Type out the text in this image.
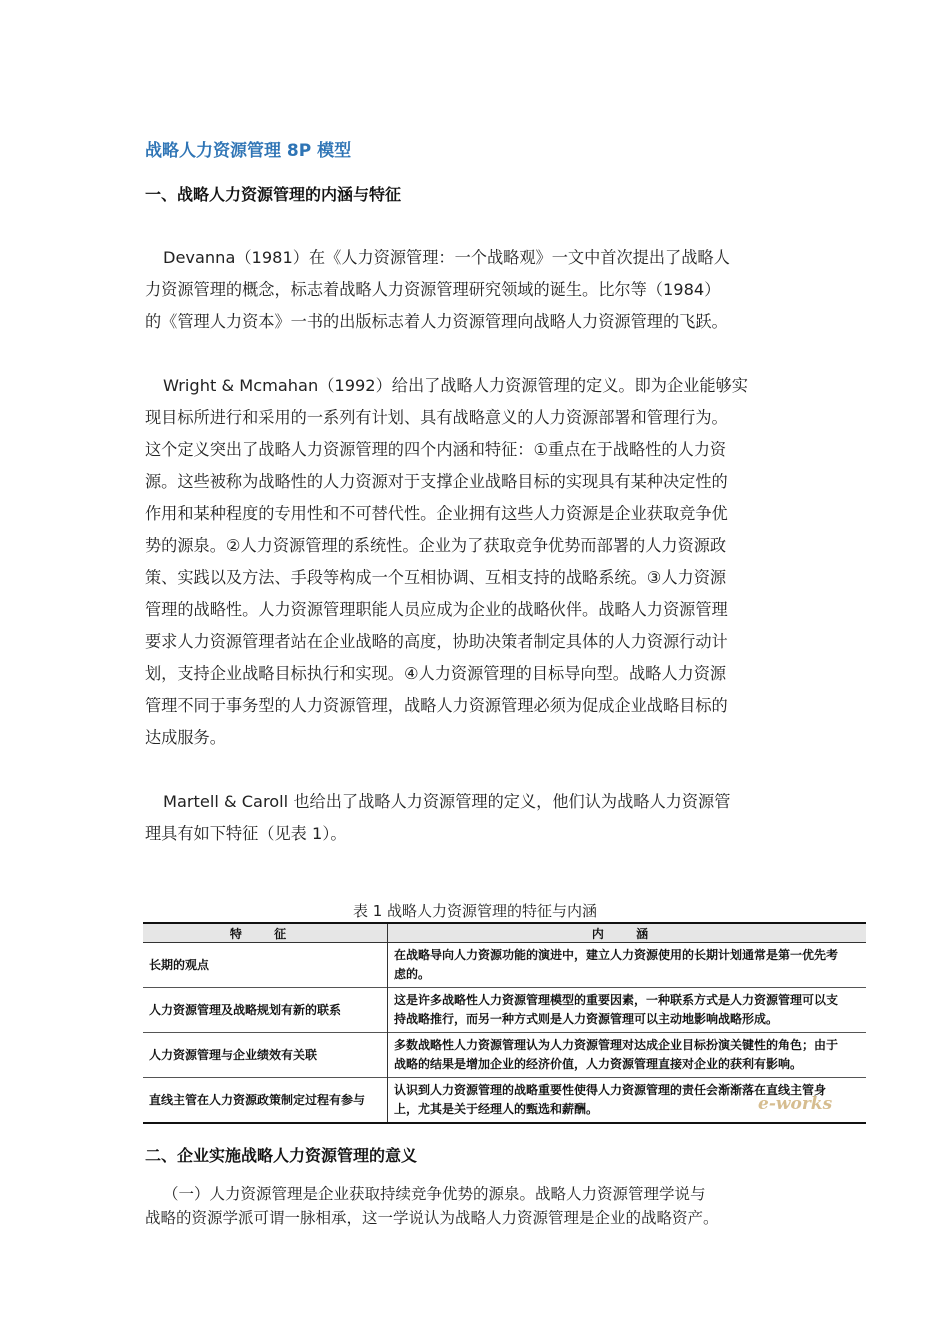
战略人力资源管理 8P 模型
一、战略人力资源管理的内涵与特征
Devanna（1981）在《人力资源管理：一个战略观》一文中首次提出了战略人
力资源管理的概念，标志着战略人力资源管理研究领域的诞生。比尔等（1984）
的《管理人力资本》一书的出版标志着人力资源管理向战略人力资源管理的飞跃。
Wright & Mcmahan（1992）给出了战略人力资源管理的定义。即为企业能够实
现目标所进行和采用的一系列有计划、具有战略意义的人力资源部署和管理行为。
这个定义突出了战略人力资源管理的四个内涵和特征：①重点在于战略性的人力资
源。这些被称为战略性的人力资源对于支撑企业战略目标的实现具有某种决定性的
作用和某种程度的专用性和不可替代性。企业拥有这些人力资源是企业获取竞争优
势的源泉。②人力资源管理的系统性。企业为了获取竞争优势而部署的人力资源政
策、实践以及方法、手段等构成一个互相协调、互相支持的战略系统。③人力资源
管理的战略性。人力资源管理职能人员应成为企业的战略伙伴。战略人力资源管理
要求人力资源管理者站在企业战略的高度，协助决策者制定具体的人力资源行动计
划，支持企业战略目标执行和实现。④人力资源管理的目标导向型。战略人力资源
管理不同于事务型的人力资源管理，战略人力资源管理必须为促成企业战略目标的
达成服务。
Martell & Caroll 也给出了战略人力资源管理的定义，他们认为战略人力资源管
理具有如下特征（见表 1）。
表 1 战略人力资源管理的特征与内涵
特 征	内 涵
长期的观点	在战略导向人力资源功能的演进中，建立人力资源使用的长期计划通常是第一优先考
虑的。

人力资源管理及战略规划有新的联系	这是许多战略性人力资源管理模型的重要因素，一种联系方式是人力资源管理可以支
持战略推行，而另一种方式则是人力资源管理可以主动地影响战略形成。

人力资源管理与企业绩效有关联	多数战略性人力资源管理认为人力资源管理对达成企业目标扮演关键性的角色；由于
战略的结果是增加企业的经济价值，人力资源管理直接对企业的获利有影响。

直线主管在人力资源政策制定过程有参与	认识到人力资源管理的战略重要性使得人力资源管理的责任会渐渐落在直线主管身
上，尤其是关于经理人的甄选和薪酬。	e-works
二、企业实施战略人力资源管理的意义
（一）人力资源管理是企业获取持续竞争优势的源泉。战略人力资源管理学说与
战略的资源学派可谓一脉相承，这一学说认为战略人力资源管理是企业的战略资产。
